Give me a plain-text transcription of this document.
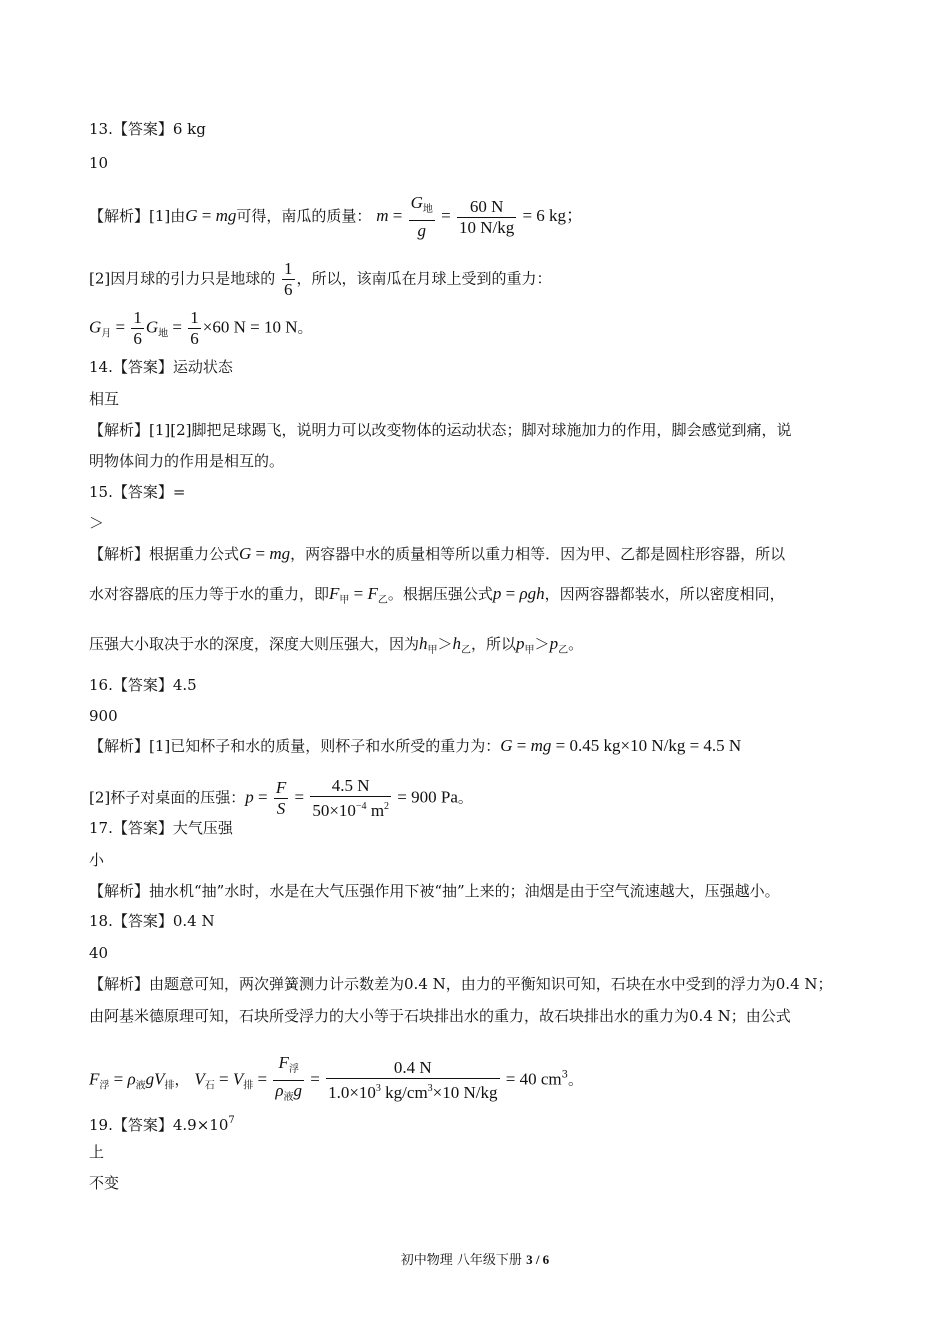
13.【答案】6 kg
10
【解析】[1]由G = mg可得，南瓜的质量： $m = \frac{G_地}{g} = \frac{60 N}{10 N/kg} = 6$ kg；
[2]因月球的引力只是地球的 $\frac{1}{6}$ ，所以，该南瓜在月球上受到的重力：
$G_月 = \frac{1}{6} G_地 = \frac{1}{6} \times 60$ N = 10 N。
14.【答案】运动状态
相互
【解析】[1][2]脚把足球踢飞，说明力可以改变物体的运动状态；脚对球施加力的作用，脚会感觉到痛，说
明物体间力的作用是相互的。
15.【答案】=
＞
【解析】根据重力公式G = mg，两容器中水的质量相等所以重力相等．因为甲、乙都是圆柱形容器，所以
水对容器底的压力等于水的重力，即$F_甲 = F_乙$。根据压强公式p = ρgh，因两容器都装水，所以密度相同，
压强大小取决于水的深度，深度大则压强大，因为$h_甲>h_乙$，所以$p_甲>p_乙$。
16.【答案】4.5
900
【解析】[1]已知杯子和水的质量，则杯子和水所受的重力为：G = mg = 0.45 kg×10 N/kg = 4.5 N
[2]杯子对桌面的压强：$p = \frac{F}{S} = \frac{4.5 N}{50\times 10^{-4} m^2} = 900$ Pa。
17.【答案】大气压强
小
【解析】抽水机“抽”水时，水是在大气压强作用下被“抽”上来的；油烟是由于空气流速越大，压强越小。
18.【答案】0.4 N
40
【解析】由题意可知，两次弹簧测力计示数差为0.4 N，由力的平衡知识可知，石块在水中受到的浮力为0.4 N；
由阿基米德原理可知，石块所受浮力的大小等于石块排出水的重力，故石块排出水的重力为0.4 N；由公式
$F_浮 = \rho_液gV_排$， $V_石 = V_排 = \frac{F_浮}{\rho_液g} = \frac{0.4 N}{1.0\times 10^3 kg/cm^3\times 10 N/kg} = 40$ $cm^3$。
19.【答案】$4.9\times 10^7$
上
不变
初中物理 八年级下册 3 / 6
